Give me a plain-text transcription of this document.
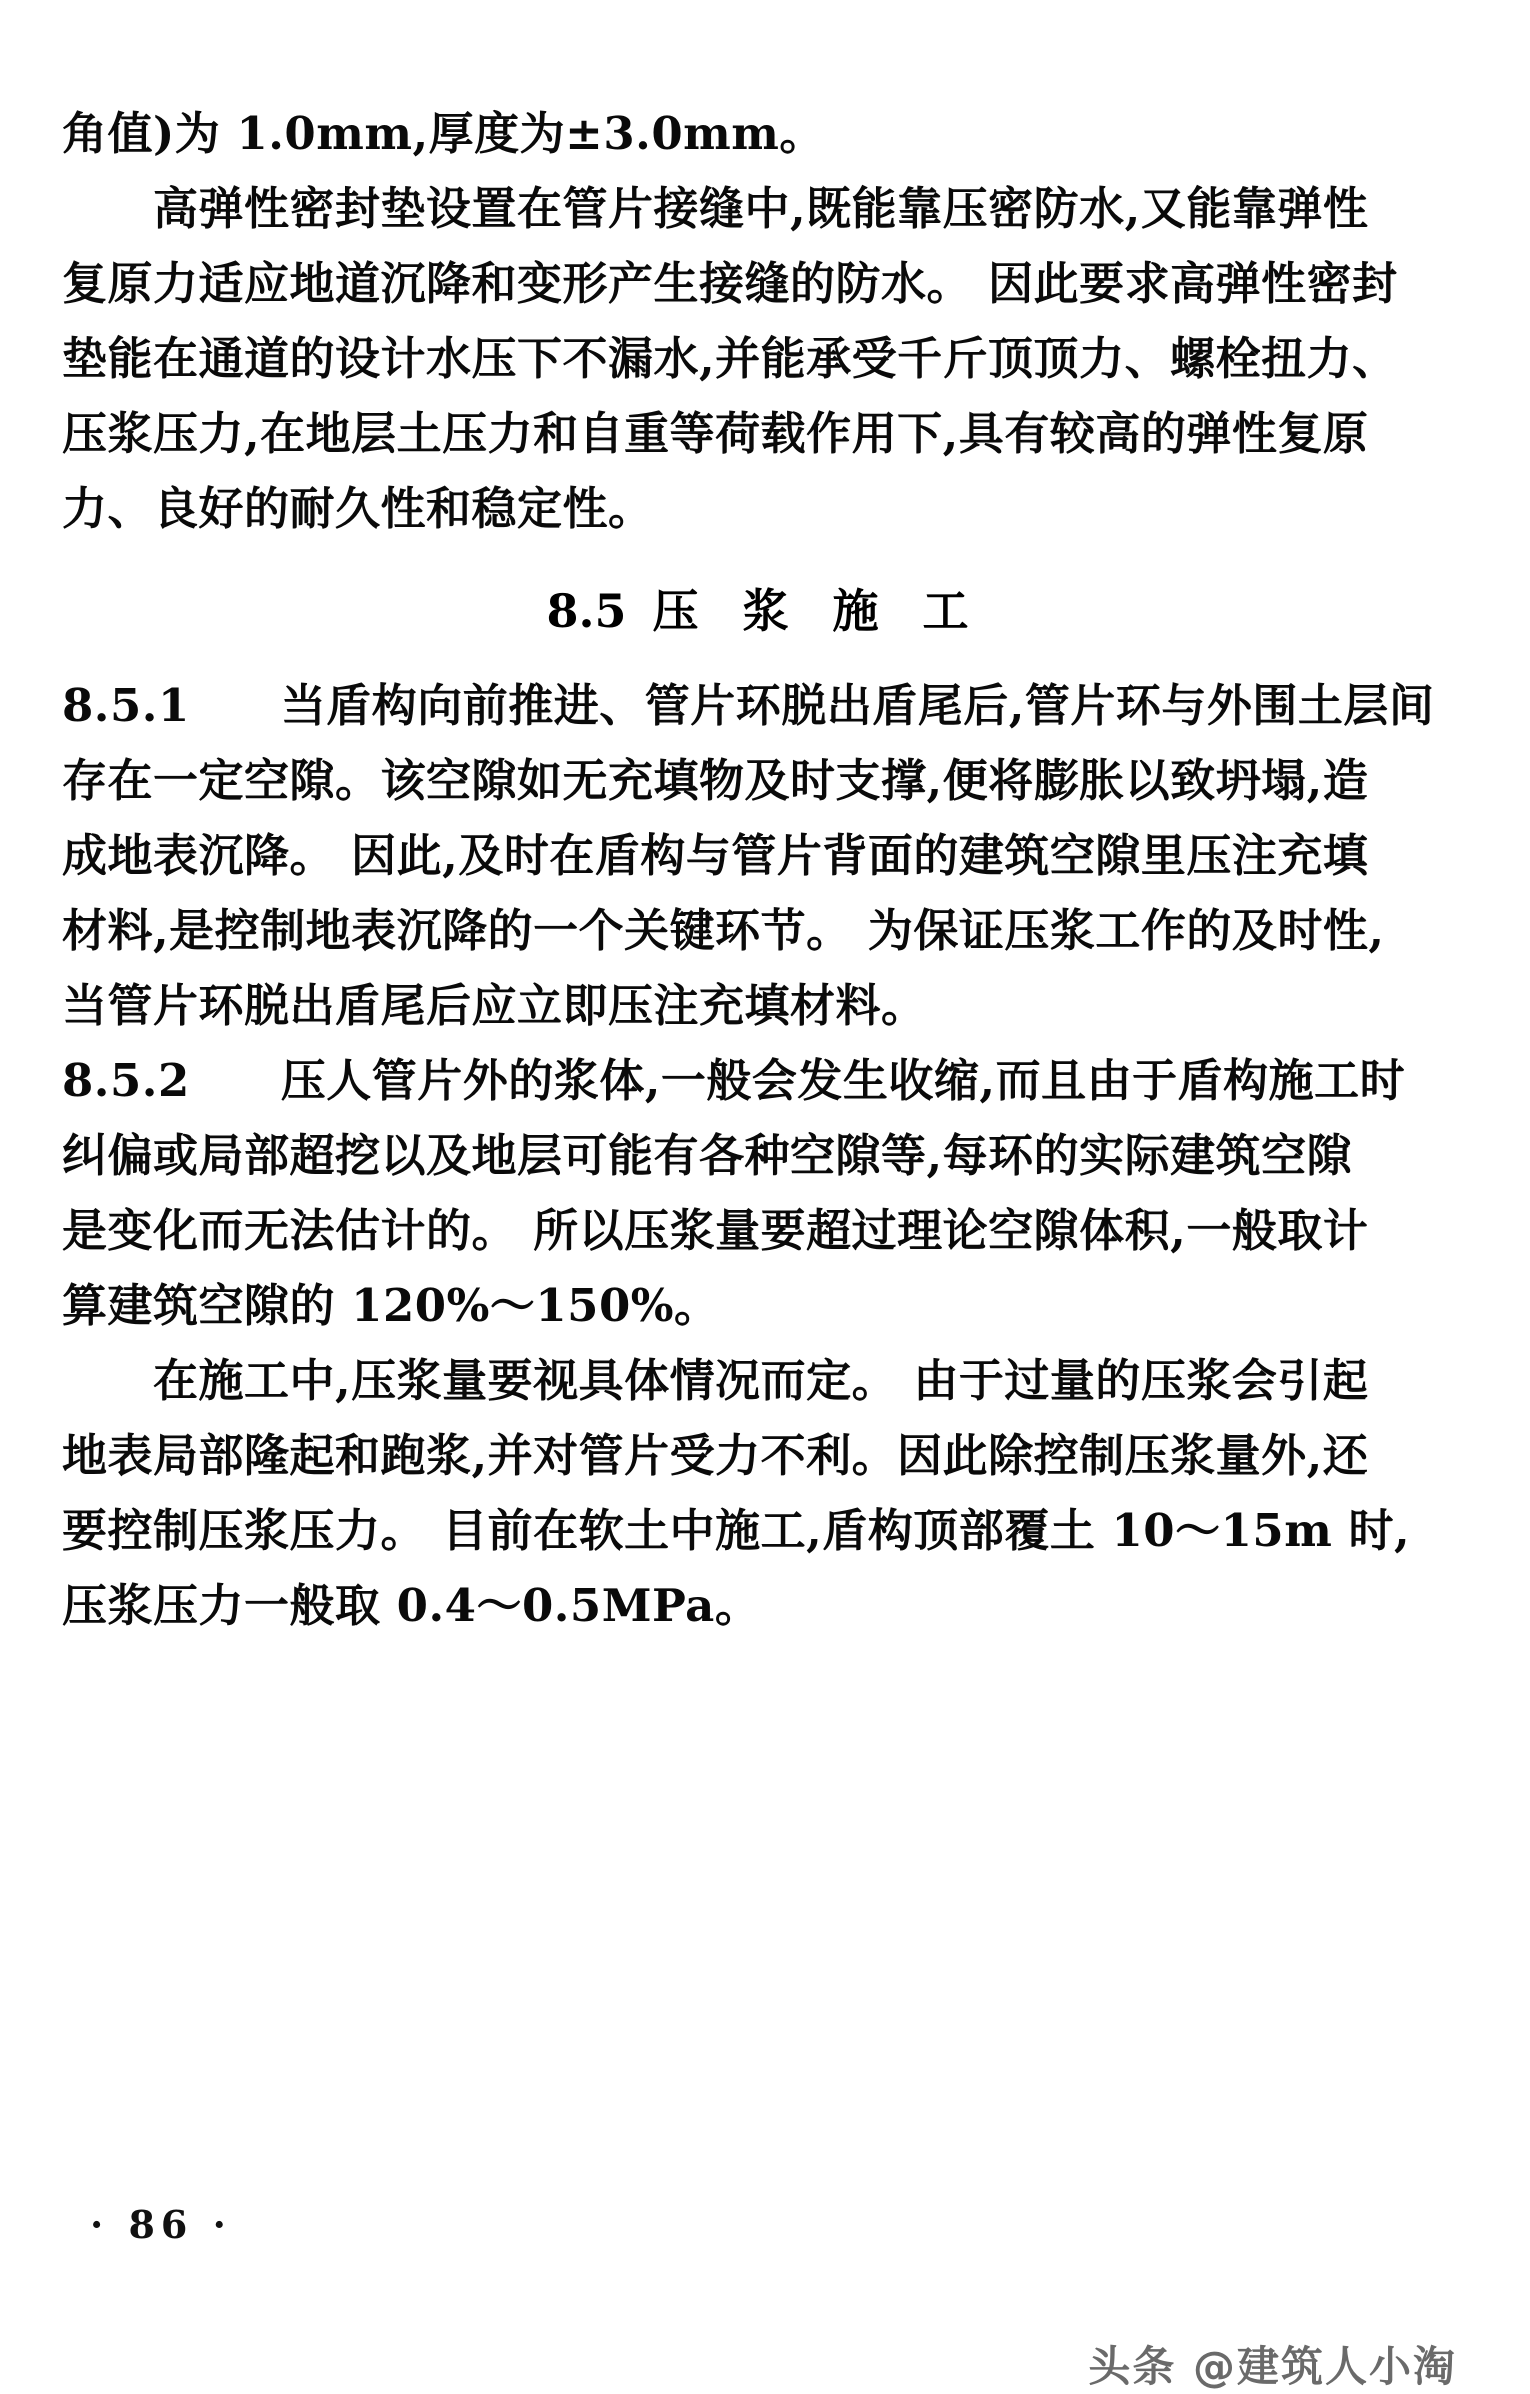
角值)为 1.0mm,厚度为±3.0mm。
　　高弹性密封垫设置在管片接缝中,既能靠压密防水,又能靠弹性
复原力适应地道沉降和变形产生接缝的防水。 因此要求高弹性密封
垫能在通道的设计水压下不漏水,并能承受千斤顶顶力、螺栓扭力、
压浆压力,在地层土压力和自重等荷载作用下,具有较高的弹性复原
力、良好的耐久性和稳定性。
8.5 压 浆 施 工
8.5.1　　当盾构向前推进、管片环脱出盾尾后,管片环与外围土层间
存在一定空隙。该空隙如无充填物及时支撑,便将膨胀以致坍塌,造
成地表沉降。 因此,及时在盾构与管片背面的建筑空隙里压注充填
材料,是控制地表沉降的一个关键环节。 为保证压浆工作的及时性,
当管片环脱出盾尾后应立即压注充填材料。
8.5.2　　压人管片外的浆体,一般会发生收缩,而且由于盾构施工时
纠偏或局部超挖以及地层可能有各种空隙等,每环的实际建筑空隙
是变化而无法估计的。 所以压浆量要超过理论空隙体积,一般取计
算建筑空隙的 120%～150%。
　　在施工中,压浆量要视具体情况而定。 由于过量的压浆会引起
地表局部隆起和跑浆,并对管片受力不利。因此除控制压浆量外,还
要控制压浆压力。 目前在软土中施工,盾构顶部覆土 10～15m 时,
压浆压力一般取 0.4～0.5MPa。
· 86 ·
头条 @建筑人小淘
